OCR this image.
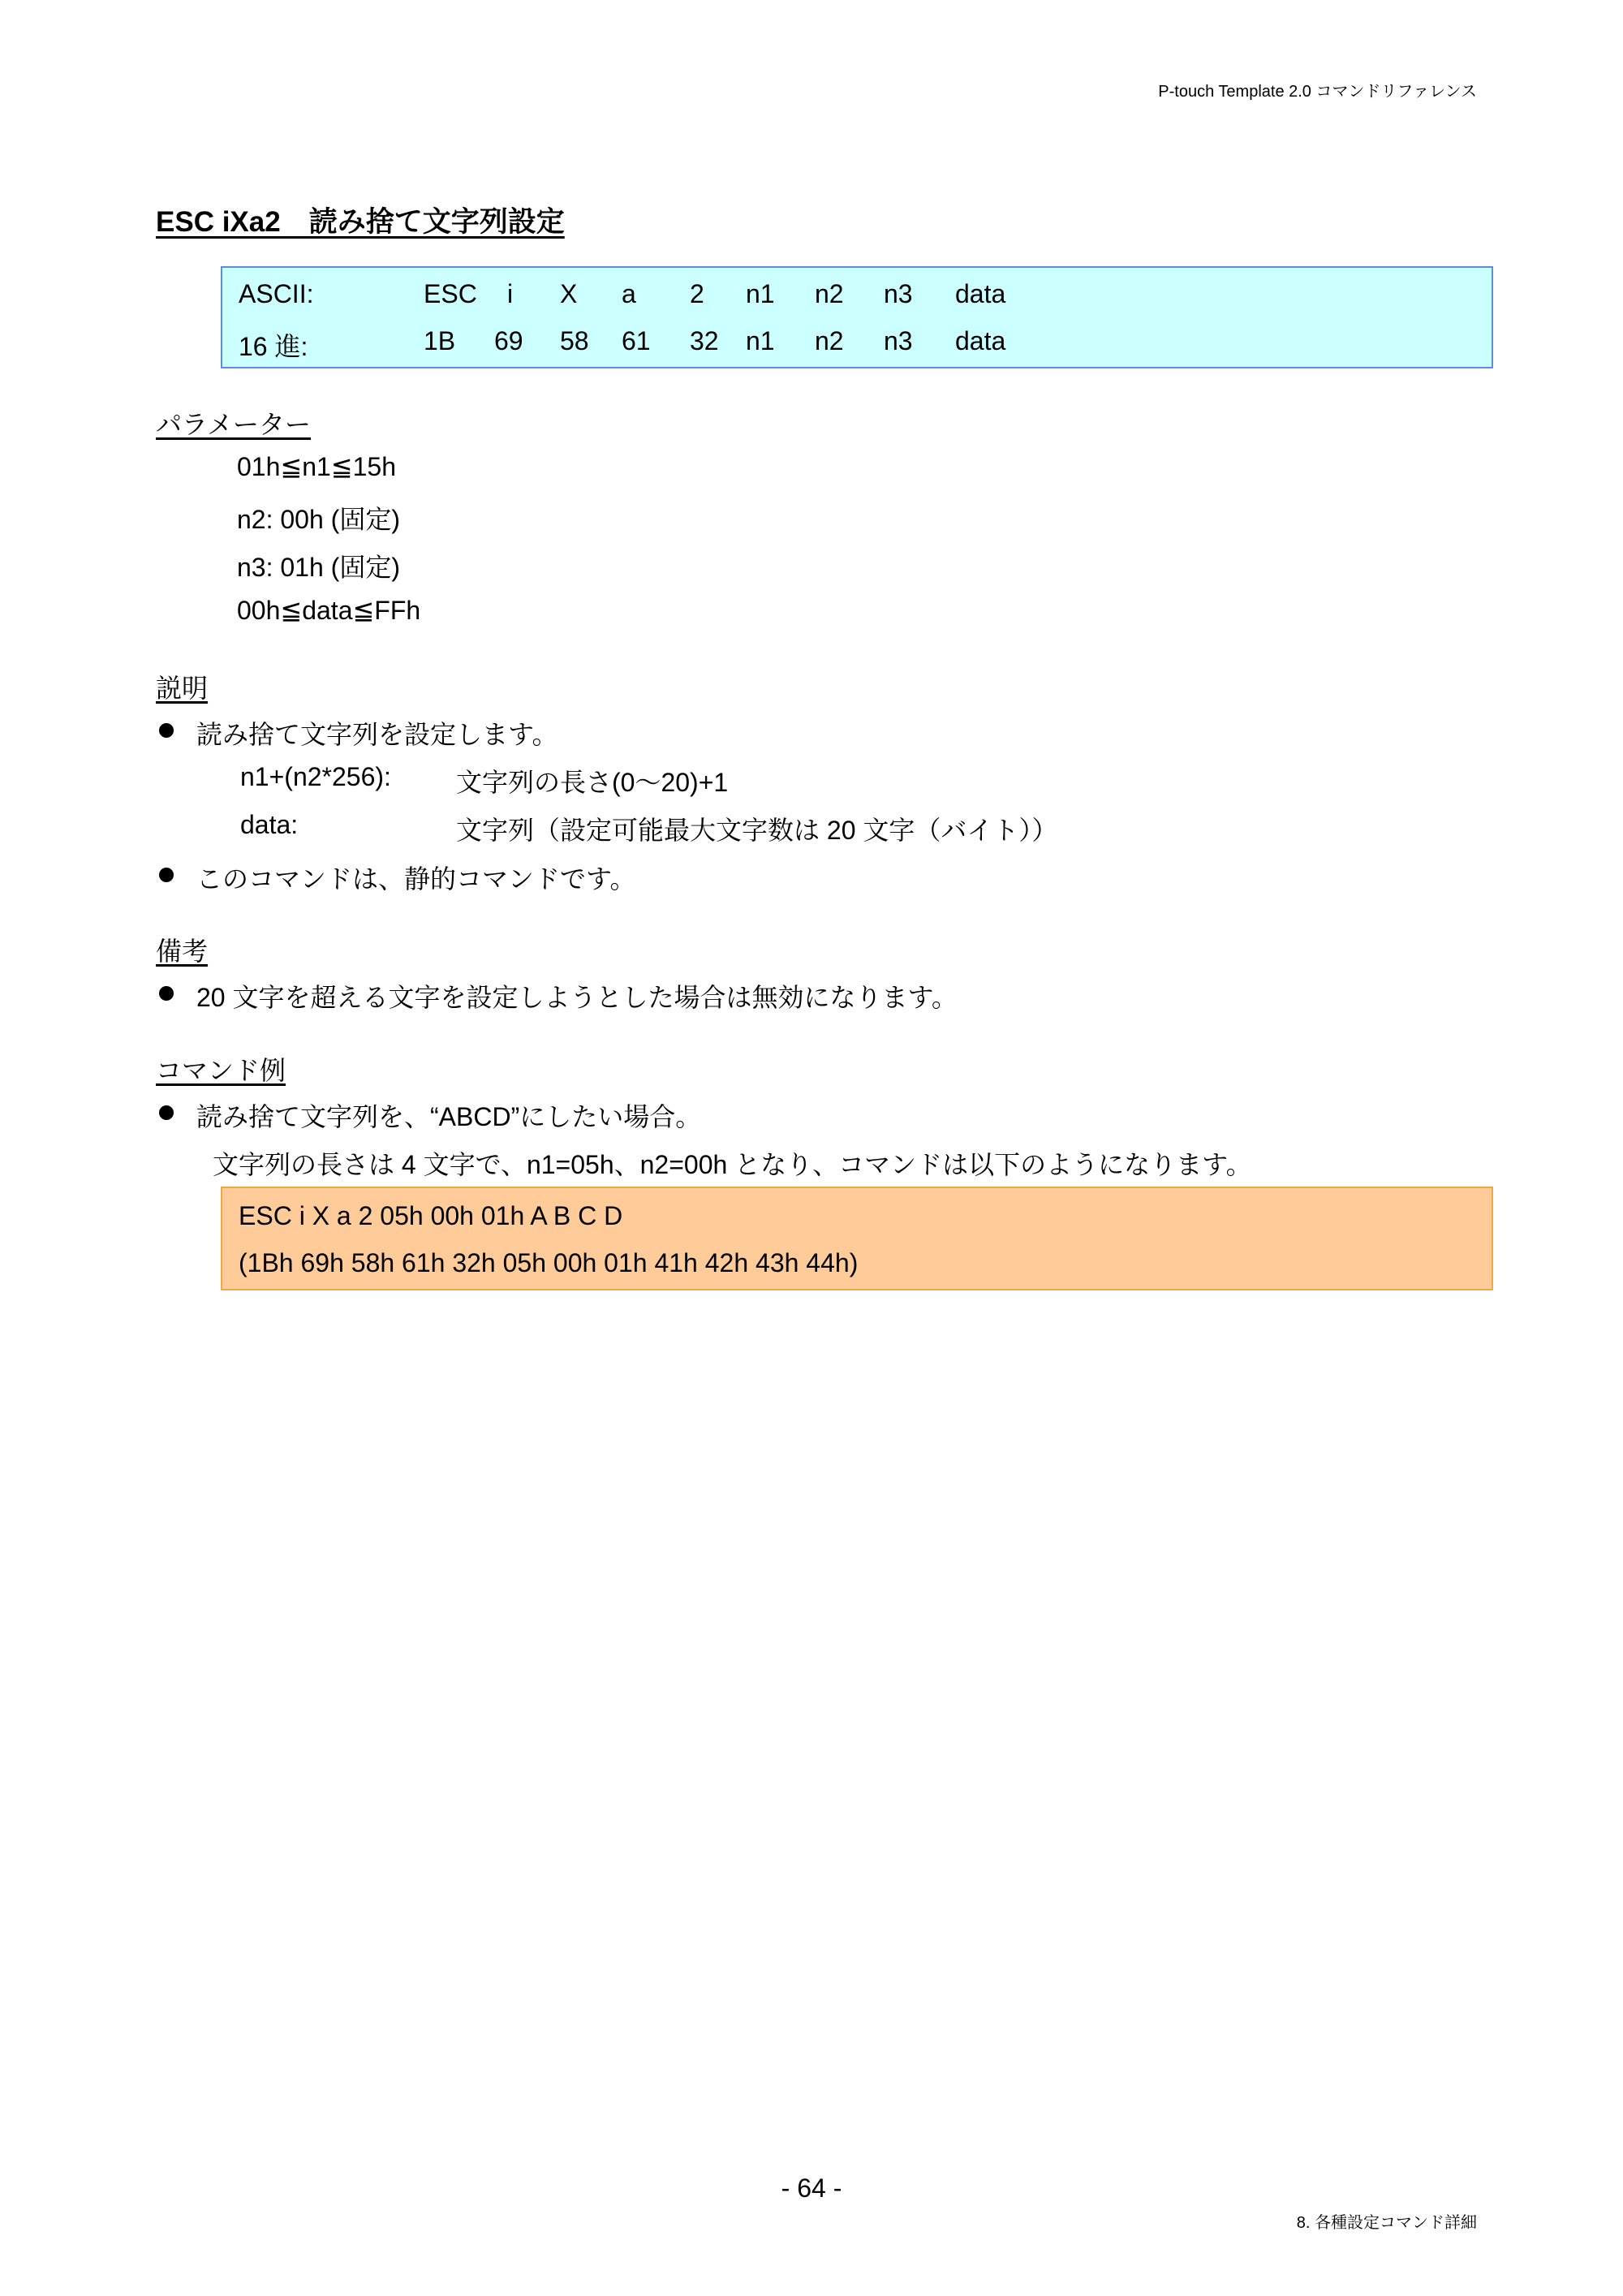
P-touch Template 2.0 コマンドリファレンス
ESC iXa2　読み捨て文字列設定
ASCII:	ESC i X a 2 n1 n2 n3 data
16 進:	1B 69 58 61 32 n1 n2 n3 data
パラメーター
01h≦n1≦15h
n2: 00h (固定)
n3: 01h (固定)
00h≦data≦FFh
説明
読み捨て文字列を設定します。
n1+(n2*256):	文字列の長さ(0～20)+1
data:	文字列（設定可能最大文字数は 20 文字（バイト））
このコマンドは、静的コマンドです。
備考
20 文字を超える文字を設定しようとした場合は無効になります。
コマンド例
読み捨て文字列を、“ABCD”にしたい場合。
文字列の長さは 4 文字で、n1=05h、n2=00h となり、コマンドは以下のようになります。
ESC i X a 2 05h 00h 01h A B C D
(1Bh 69h 58h 61h 32h 05h 00h 01h 41h 42h 43h 44h)
- 64 -
8. 各種設定コマンド詳細
